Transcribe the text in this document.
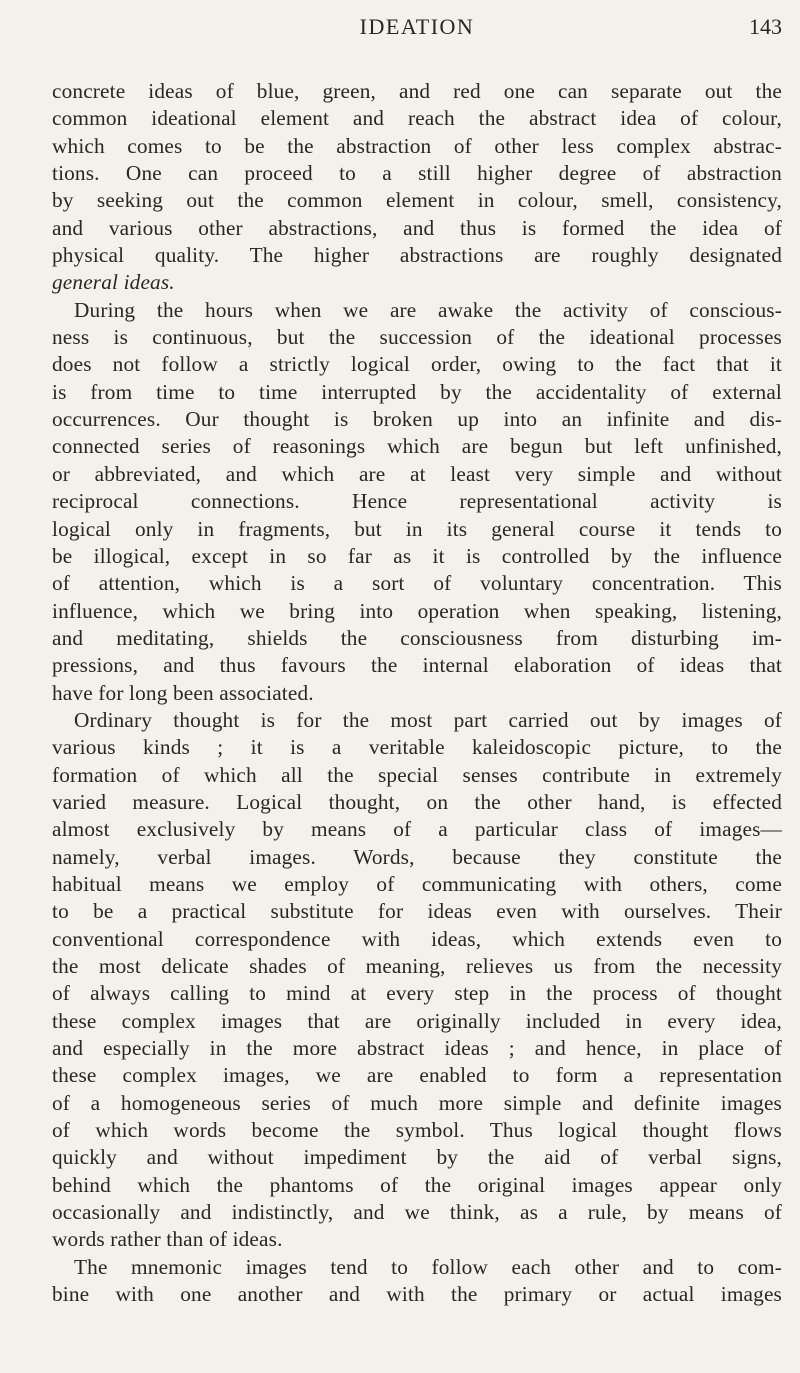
IDEATION	143
concrete ideas of blue, green, and red one can separate out the
common ideational element and reach the abstract idea of colour,
which comes to be the abstraction of other less complex abstrac-
tions. One can proceed to a still higher degree of abstraction
by seeking out the common element in colour, smell, consistency,
and various other abstractions, and thus is formed the idea of
physical quality. The higher abstractions are roughly designated
general ideas.
During the hours when we are awake the activity of conscious-
ness is continuous, but the succession of the ideational processes
does not follow a strictly logical order, owing to the fact that it
is from time to time interrupted by the accidentality of external
occurrences. Our thought is broken up into an infinite and dis-
connected series of reasonings which are begun but left unfinished,
or abbreviated, and which are at least very simple and without
reciprocal connections. Hence representational activity is
logical only in fragments, but in its general course it tends to
be illogical, except in so far as it is controlled by the influence
of attention, which is a sort of voluntary concentration. This
influence, which we bring into operation when speaking, listening,
and meditating, shields the consciousness from disturbing im-
pressions, and thus favours the internal elaboration of ideas that
have for long been associated.
Ordinary thought is for the most part carried out by images of
various kinds ; it is a veritable kaleidoscopic picture, to the
formation of which all the special senses contribute in extremely
varied measure. Logical thought, on the other hand, is effected
almost exclusively by means of a particular class of images—
namely, verbal images. Words, because they constitute the
habitual means we employ of communicating with others, come
to be a practical substitute for ideas even with ourselves. Their
conventional correspondence with ideas, which extends even to
the most delicate shades of meaning, relieves us from the necessity
of always calling to mind at every step in the process of thought
these complex images that are originally included in every idea,
and especially in the more abstract ideas ; and hence, in place of
these complex images, we are enabled to form a representation
of a homogeneous series of much more simple and definite images
of which words become the symbol. Thus logical thought flows
quickly and without impediment by the aid of verbal signs,
behind which the phantoms of the original images appear only
occasionally and indistinctly, and we think, as a rule, by means of
words rather than of ideas.
The mnemonic images tend to follow each other and to com-
bine with one another and with the primary or actual images
